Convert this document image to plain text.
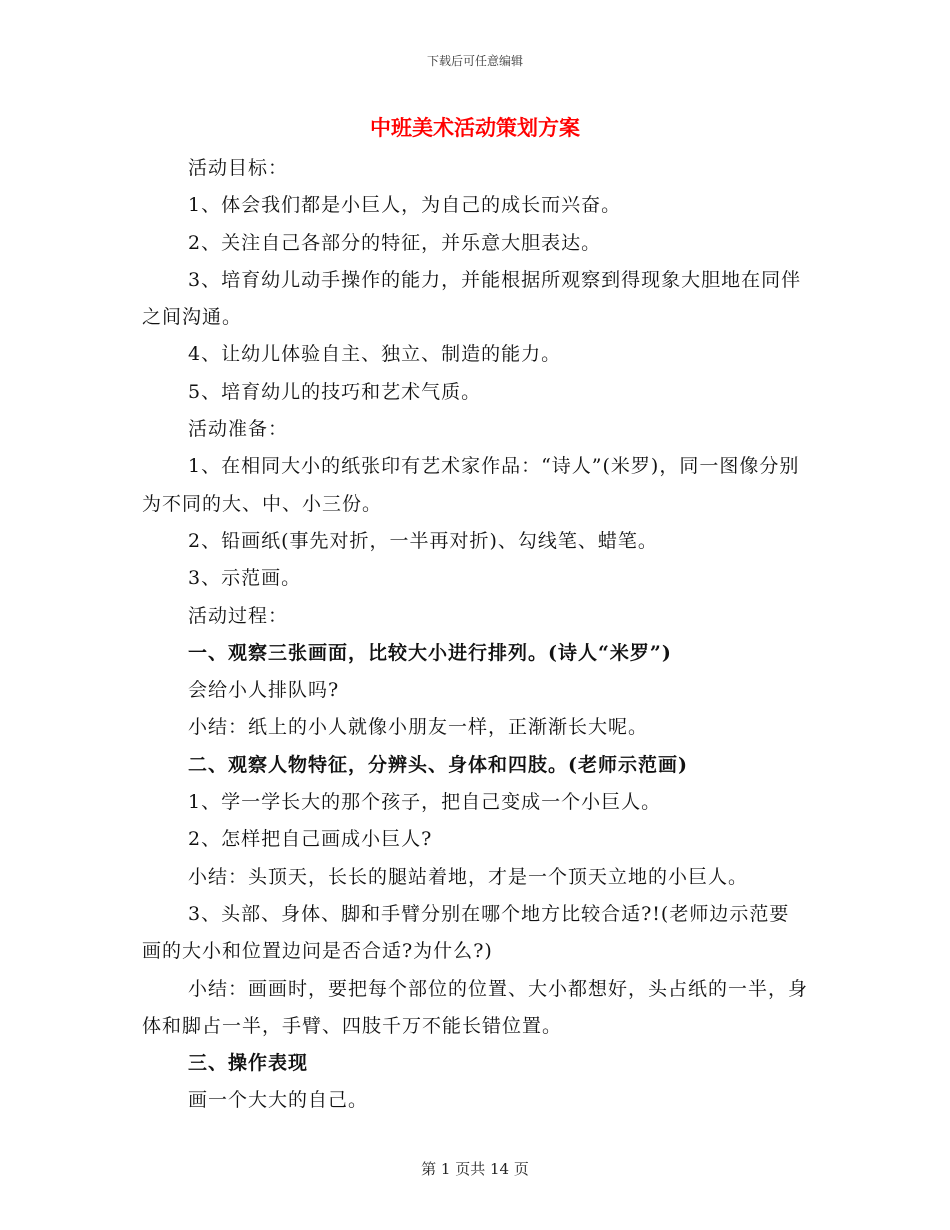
下载后可任意编辑
中班美术活动策划方案

活动目标：

1、体会我们都是小巨人，为自己的成长而兴奋。

2、关注自己各部分的特征，并乐意大胆表达。

3、培育幼儿动手操作的能力，并能根据所观察到得现象大胆地在同伴之间沟通。

4、让幼儿体验自主、独立、制造的能力。

5、培育幼儿的技巧和艺术气质。

活动准备：

1、在相同大小的纸张印有艺术家作品：“诗人”(米罗)，同一图像分别为不同的大、中、小三份。

2、铅画纸(事先对折，一半再对折)、勾线笔、蜡笔。

3、示范画。

活动过程：

一、观察三张画面，比较大小进行排列。(诗人“米罗”)

会给小人排队吗?

小结：纸上的小人就像小朋友一样，正渐渐长大呢。

二、观察人物特征，分辨头、身体和四肢。(老师示范画)

1、学一学长大的那个孩子，把自己变成一个小巨人。

2、怎样把自己画成小巨人?

小结：头顶天，长长的腿站着地，才是一个顶天立地的小巨人。

3、头部、身体、脚和手臂分别在哪个地方比较合适?!(老师边示范要画的大小和位置边问是否合适?为什么?)

小结：画画时，要把每个部位的位置、大小都想好，头占纸的一半，身体和脚占一半，手臂、四肢千万不能长错位置。

三、操作表现

画一个大大的自己。

第 1 页共 14 页
